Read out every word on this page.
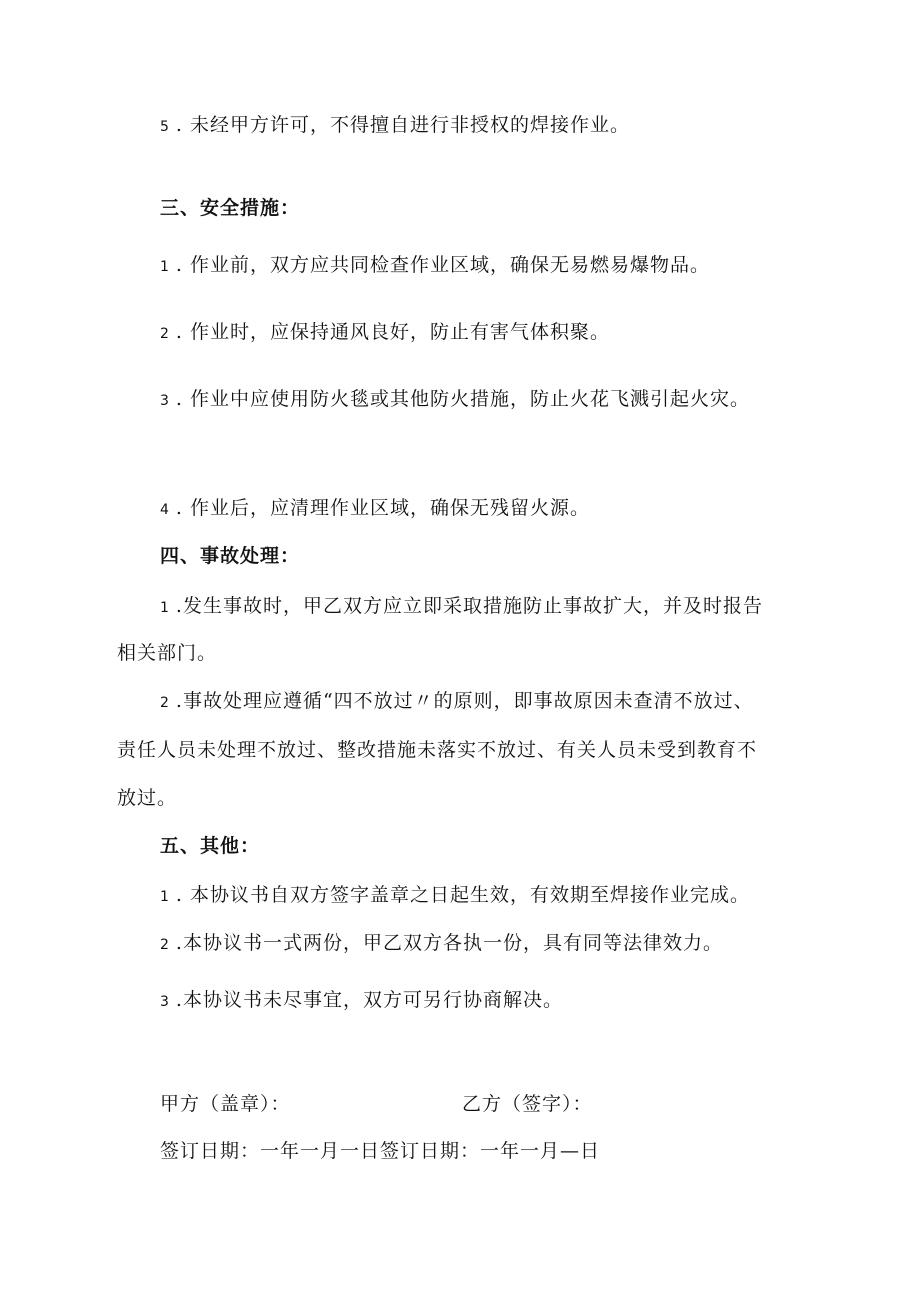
5 . 未经甲方许可，不得擅自进行非授权的焊接作业。
三、安全措施：
1 . 作业前，双方应共同检查作业区域，确保无易燃易爆物品。
2 . 作业时，应保持通风良好，防止有害气体积聚。
3 . 作业中应使用防火毯或其他防火措施，防止火花飞溅引起火灾。
4 . 作业后，应清理作业区域，确保无残留火源。
四、事故处理：
1 .发生事故时，甲乙双方应立即采取措施防止事故扩大，并及时报告
相关部门。
2 .事故处理应遵循“四不放过〃的原则，即事故原因未查清不放过、
责任人员未处理不放过、整改措施未落实不放过、有关人员未受到教育不
放过。
五、其他：
1 . 本协议书自双方签字盖章之日起生效，有效期至焊接作业完成。
2 .本协议书一式两份，甲乙双方各执一份，具有同等法律效力。
3 .本协议书未尽事宜，双方可另行协商解决。
甲方（盖章）：	乙方（签字）：
签订日期：一年一月一日签订日期：一年一月—日
